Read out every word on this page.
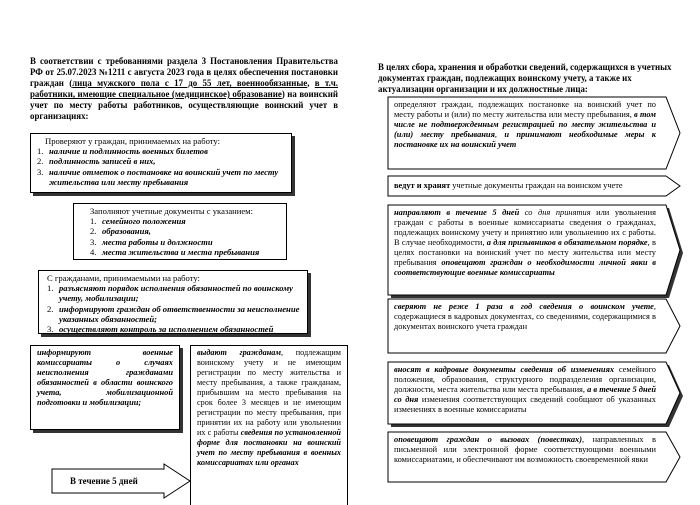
В соответствии с требованиями раздела 3 Постановления Правительства РФ от 25.07.2023 №1211 с августа 2023 года в целях обеспечения постановки граждан (лица мужского пола с 17 до 55 лет, военнообязанные, в т.ч. работники, имеющие специальное (медицинское) образование) на воинский учет по месту работы работников, осуществляющие воинский учет в организациях:
Проверяют у граждан, принимаемых на работу:
1. наличие и подлинность военных билетов
2. подлинность записей в них,
3. наличие отметок о постановке на воинский учет по месту жительства или месту пребывания
Заполняют учетные документы с указанием:
1. семейного положения
2. образования,
3. места работы и должности
4. места жительства и места пребывания
С гражданами, принимаемыми на работу:
1. разъясняют порядок исполнения обязанностей по воинскому учету, мобилизации;
2. информируют граждан об ответственности за неисполнение указанных обязанностей;
3. осуществляют контроль за исполнением обязанностей
информируют военные комиссариаты о случаях неисполнения гражданами обязанностей в области воинского учета, мобилизационной подготовки и мобилизации;
выдают гражданам, подлежащим воинскому учету и не имеющим регистрации по месту жительства и месту пребывания, а также гражданам, прибывшим на место пребывания на срок более 3 месяцев и не имеющим регистрации по месту пребывания, при принятии их на работу или увольнении их с работы сведения по установленной форме для постановки на воинский учет по месту пребывания в военных комиссариатах или органах
В течение 5 дней
В целях сбора, хранения и обработки сведений, содержащихся в учетных документах граждан, подлежащих воинскому учету, а также их актуализации организации и их должностные лица:
определяют граждан, подлежащих постановке на воинский учет по месту работы и (или) по месту жительства или месту пребывания, в том числе не подтвержденным регистрацией по месту жительства и (или) месту пребывания, и принимают необходимые меры к постановке их на воинский учет
ведут и хранят учетные документы граждан на воинском учете
направляют в течение 5 дней со дня принятия или увольнения граждан с работы в военные комиссариаты сведения о гражданах, подлежащих воинскому учету и принятию или увольнению их с работы. В случае необходимости, а для призывников в обязательном порядке, в целях постановки на воинский учет по месту жительства или месту пребывания оповещают граждан о необходимости личной явки в соответствующие военные комиссариаты
сверяют не реже 1 раза в год сведения о воинском учете, содержащиеся в кадровых документах, со сведениями, содержащимися в документах воинского учета граждан
вносят в кадровые документы сведения об изменениях семейного положения, образования, структурного подразделения организации, должности, места жительства или места пребывания, а в течение 5 дней со дня изменения соответствующих сведений сообщают об указанных изменениях в военные комиссариаты
оповещают граждан о вызовах (повестках), направленных в письменной или электронной форме соответствующими военными комиссариатами, и обеспечивают им возможность своевременной явки
